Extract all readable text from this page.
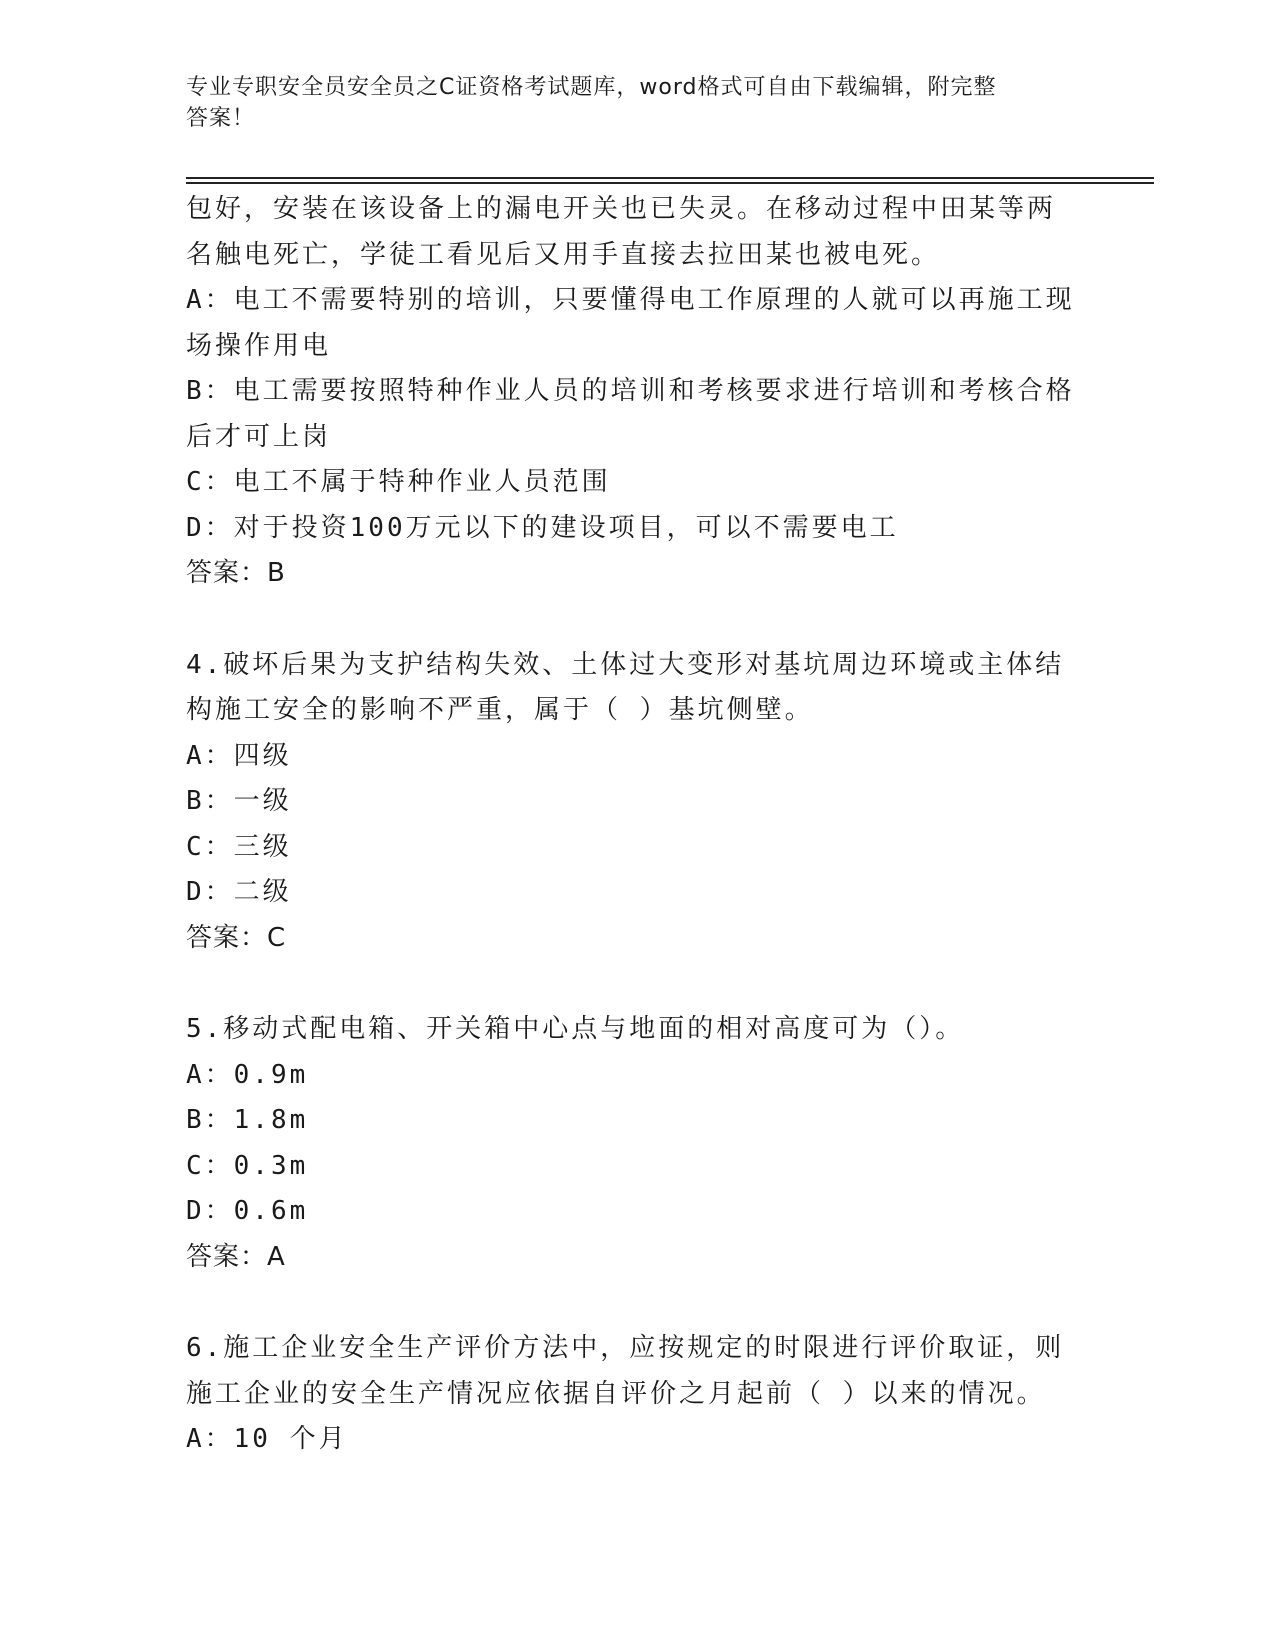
专业专职安全员安全员之C证资格考试题库，word格式可自由下载编辑，附完整
答案！
包好，安装在该设备上的漏电开关也已失灵。在移动过程中田某等两
名触电死亡，学徒工看见后又用手直接去拉田某也被电死。
A：电工不需要特别的培训，只要懂得电工作原理的人就可以再施工现
场操作用电
B：电工需要按照特种作业人员的培训和考核要求进行培训和考核合格
后才可上岗
C：电工不属于特种作业人员范围
D：对于投资100万元以下的建设项目，可以不需要电工
答案：B
4.破坏后果为支护结构失效、土体过大变形对基坑周边环境或主体结
构施工安全的影响不严重，属于（ ）基坑侧壁。
A：四级
B：一级
C：三级
D：二级
答案：C
5.移动式配电箱、开关箱中心点与地面的相对高度可为（）。
A：0.9m
B：1.8m
C：0.3m
D：0.6m
答案：A
6.施工企业安全生产评价方法中，应按规定的时限进行评价取证，则
施工企业的安全生产情况应依据自评价之月起前（ ）以来的情况。
A：10 个月
